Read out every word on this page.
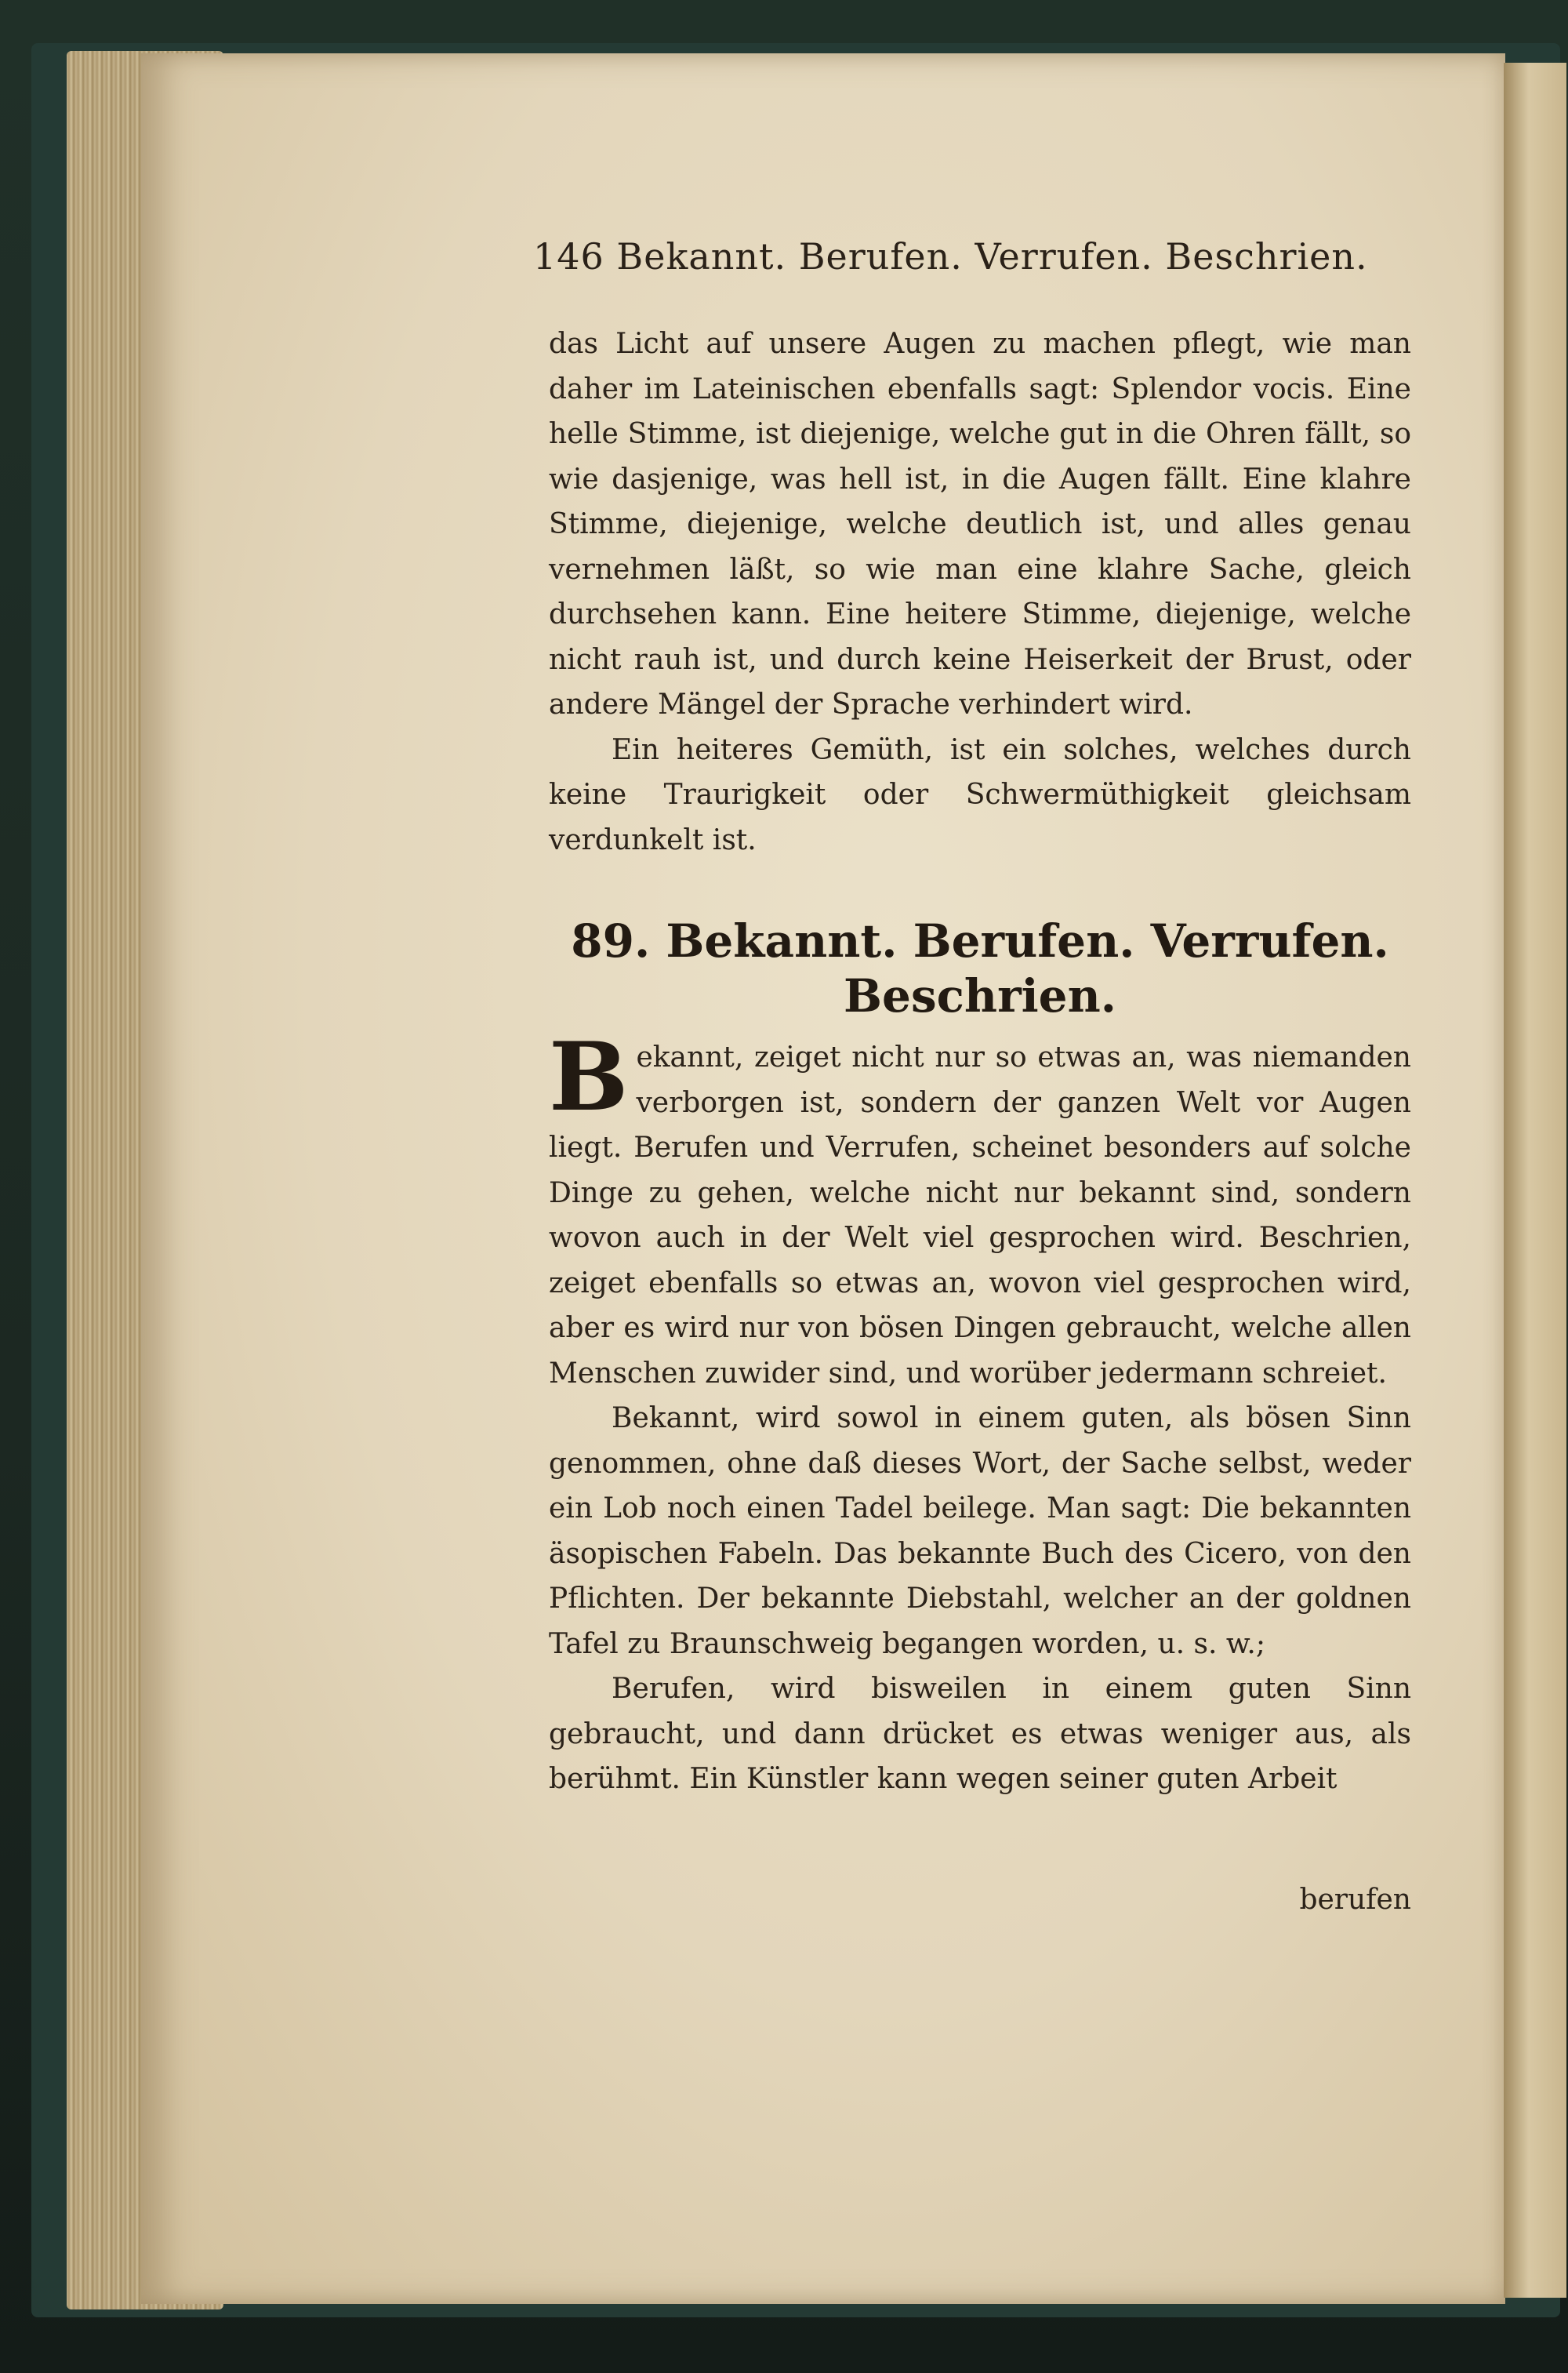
146 Bekannt. Berufen. Verrufen. Beschrien.

das Licht auf unsere Augen zu machen pflegt, wie man daher im Lateinischen ebenfalls sagt: Splendor vocis. Eine helle Stimme, ist diejenige, welche gut in die Ohren fällt, so wie dasjenige, was hell ist, in die Augen fällt. Eine klahre Stimme, diejenige, welche deutlich ist, und alles genau vernehmen läßt, so wie man eine klahre Sache, gleich durchsehen kann. Eine heitere Stimme, diejenige, welche nicht rauh ist, und durch keine Heiserkeit der Brust, oder andere Mängel der Sprache verhindert wird.

Ein heiteres Gemüth, ist ein solches, welches durch keine Traurigkeit oder Schwermüthigkeit gleichsam verdunkelt ist.

89. Bekannt. Berufen. Verrufen. Beschrien.

Bekannt, zeiget nicht nur so etwas an, was niemanden verborgen ist, sondern der ganzen Welt vor Augen liegt. Berufen und Verrufen, scheinet besonders auf solche Dinge zu gehen, welche nicht nur bekannt sind, sondern wovon auch in der Welt viel gesprochen wird. Beschrien, zeiget ebenfalls so etwas an, wovon viel gesprochen wird, aber es wird nur von bösen Dingen gebraucht, welche allen Menschen zuwider sind, und worüber jedermann schreiet.

Bekannt, wird sowol in einem guten, als bösen Sinn genommen, ohne daß dieses Wort, der Sache selbst, weder ein Lob noch einen Tadel beilege. Man sagt: Die bekannten äsopischen Fabeln. Das bekannte Buch des Cicero, von den Pflichten. Der bekannte Diebstahl, welcher an der goldnen Tafel zu Braunschweig begangen worden, u. s. w.;

Berufen, wird bisweilen in einem guten Sinn gebraucht, und dann drücket es etwas weniger aus, als berühmt. Ein Künstler kann wegen seiner guten Arbeit

berufen
